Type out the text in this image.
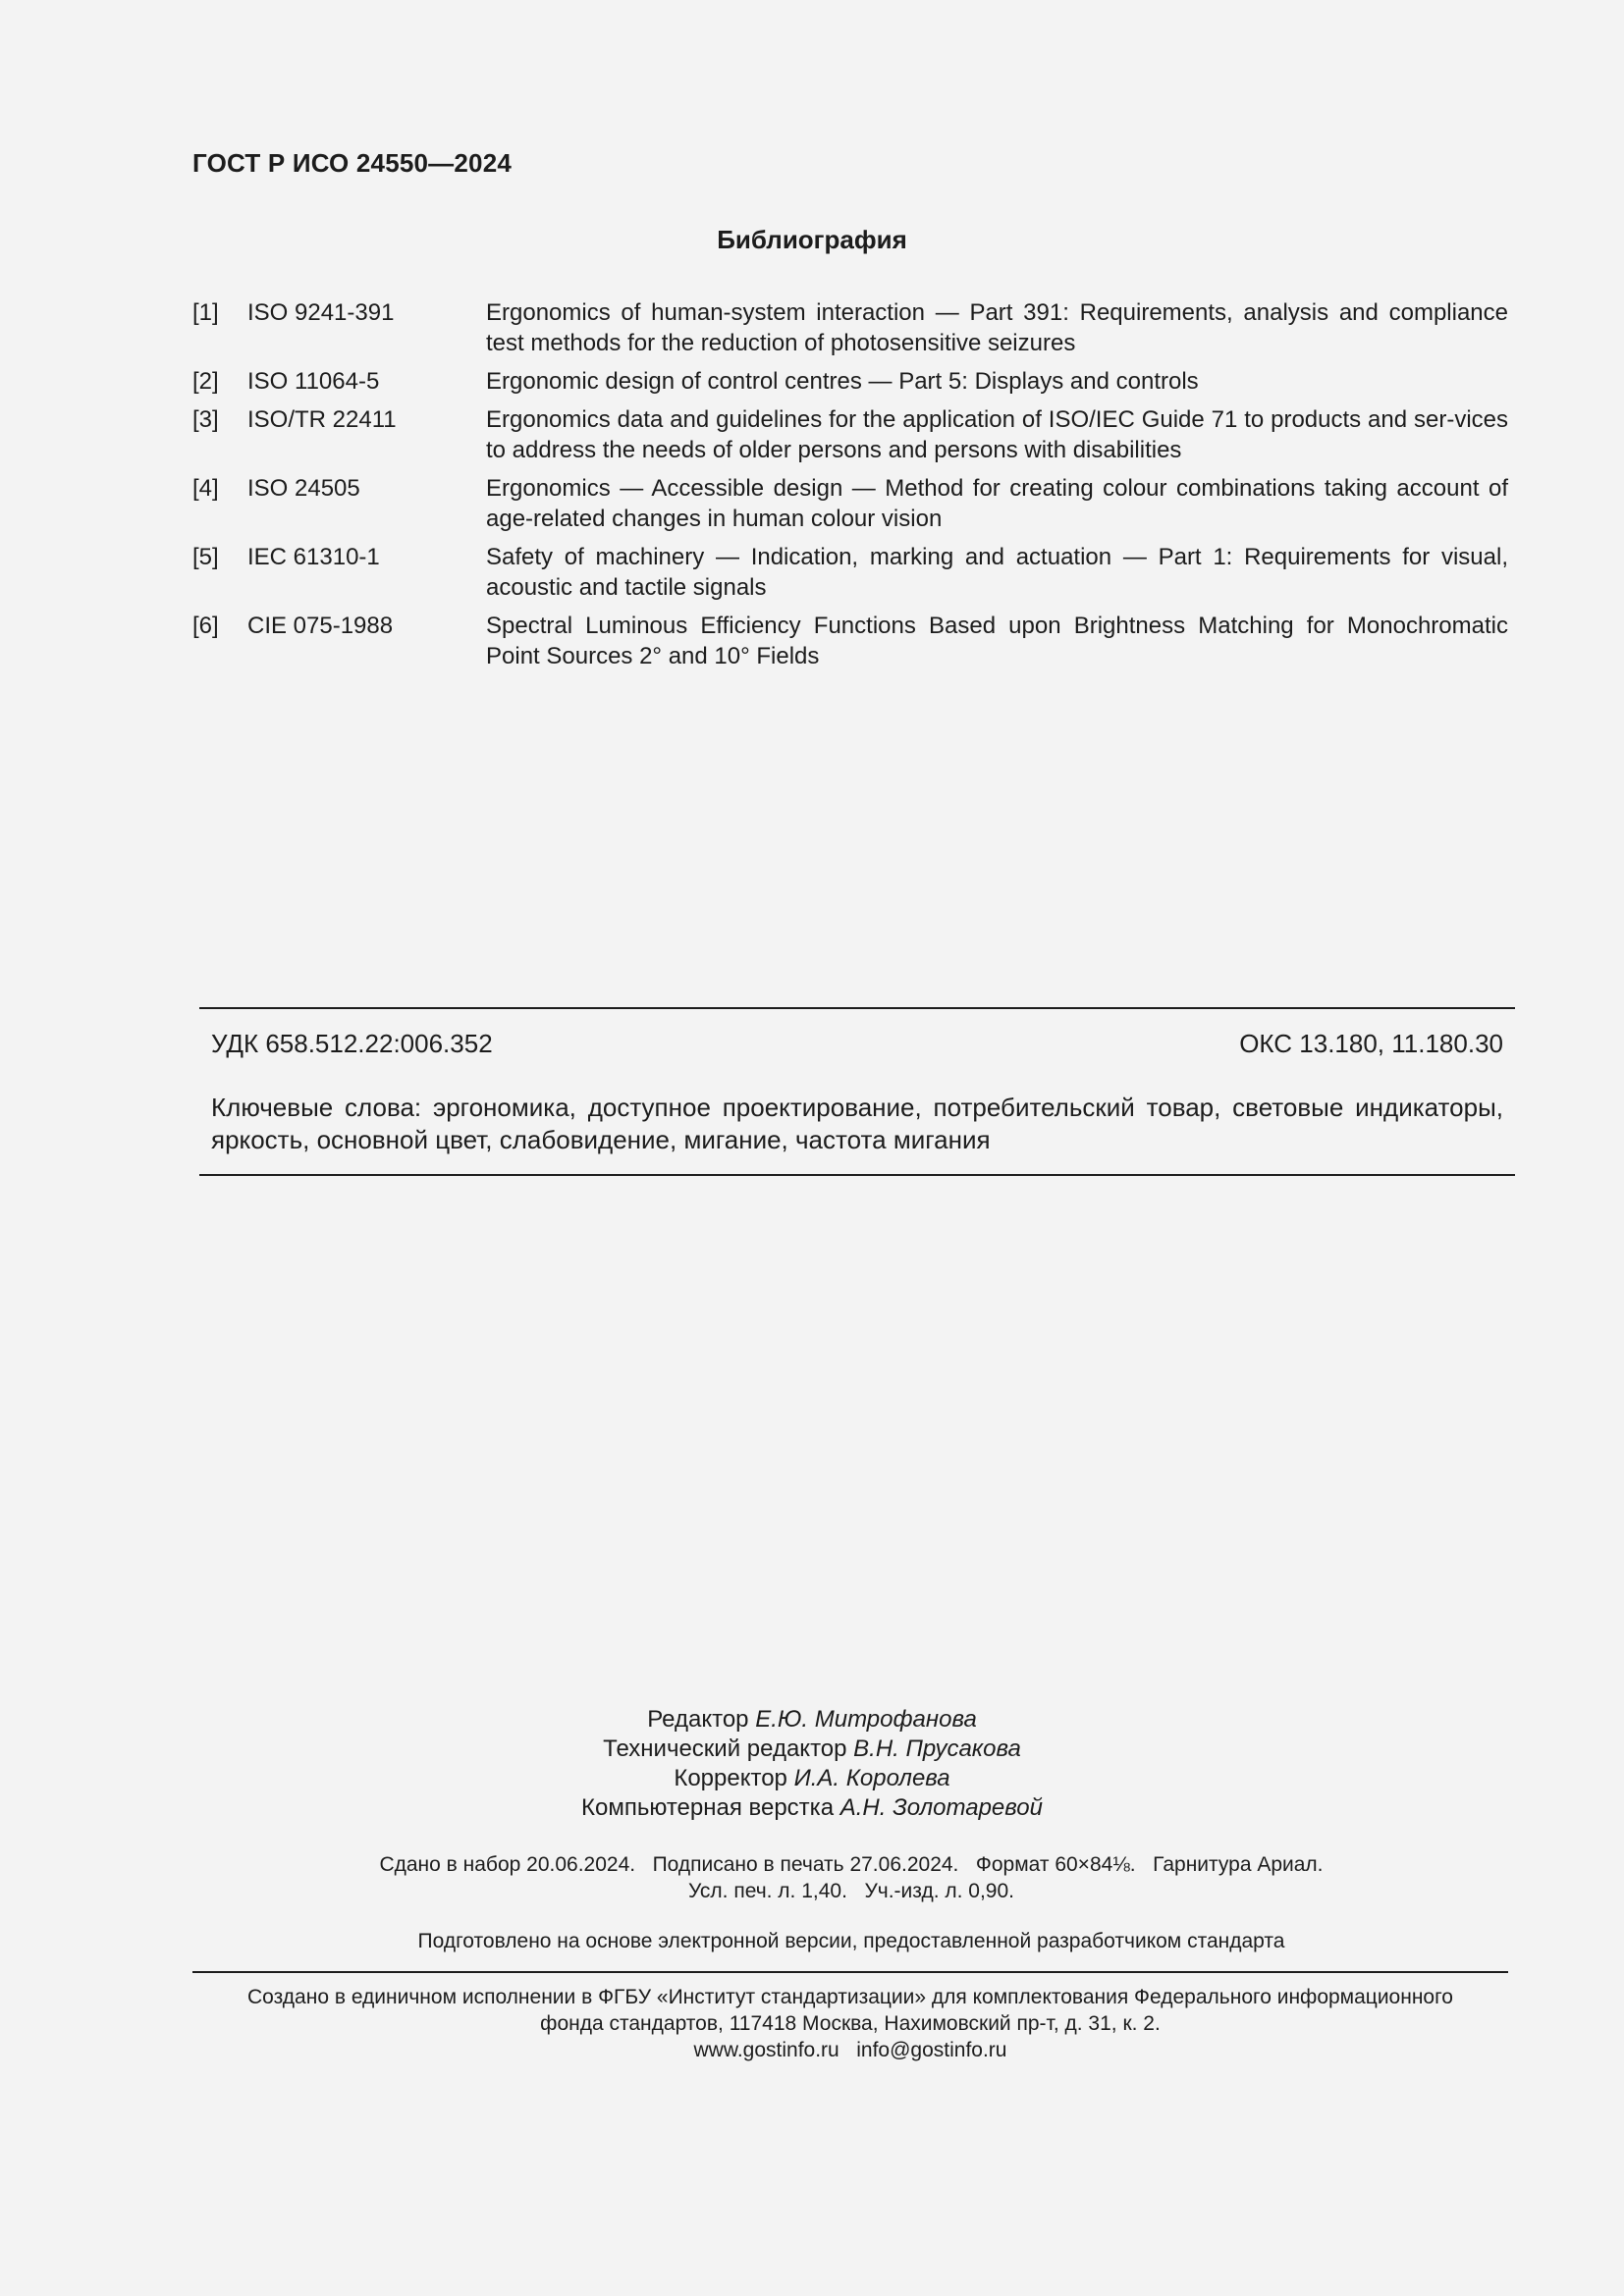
ГОСТ Р ИСО 24550—2024
Библиография
[1]	ISO 9241-391	Ergonomics of human-system interaction — Part 391: Requirements, analysis and compliance test methods for the reduction of photosensitive seizures
[2]	ISO 11064-5	Ergonomic design of control centres — Part 5: Displays and controls
[3]	ISO/TR 22411	Ergonomics data and guidelines for the application of ISO/IEC Guide 71 to products and ser-vices to address the needs of older persons and persons with disabilities
[4]	ISO 24505	Ergonomics — Accessible design — Method for creating colour combinations taking account of age-related changes in human colour vision
[5]	IEC 61310-1	Safety of machinery — Indication, marking and actuation — Part 1: Requirements for visual, acoustic and tactile signals
[6]	CIE 075-1988	Spectral Luminous Efficiency Functions Based upon Brightness Matching for Monochromatic Point Sources 2° and 10° Fields
УДК 658.512.22:006.352	ОКС 13.180, 11.180.30
Ключевые слова: эргономика, доступное проектирование, потребительский товар, световые индикаторы, яркость, основной цвет, слабовидение, мигание, частота мигания
Редактор Е.Ю. Митрофанова
Технический редактор В.Н. Прусакова
Корректор И.А. Королева
Компьютерная верстка А.Н. Золотаревой
Сдано в набор 20.06.2024.   Подписано в печать 27.06.2024.   Формат 60×84⅛.   Гарнитура Ариал.
Усл. печ. л. 1,40.   Уч.-изд. л. 0,90.
Подготовлено на основе электронной версии, предоставленной разработчиком стандарта
Создано в единичном исполнении в ФГБУ «Институт стандартизации» для комплектования Федерального информационного
фонда стандартов, 117418 Москва, Нахимовский пр-т, д. 31, к. 2.
www.gostinfo.ru info@gostinfo.ru
